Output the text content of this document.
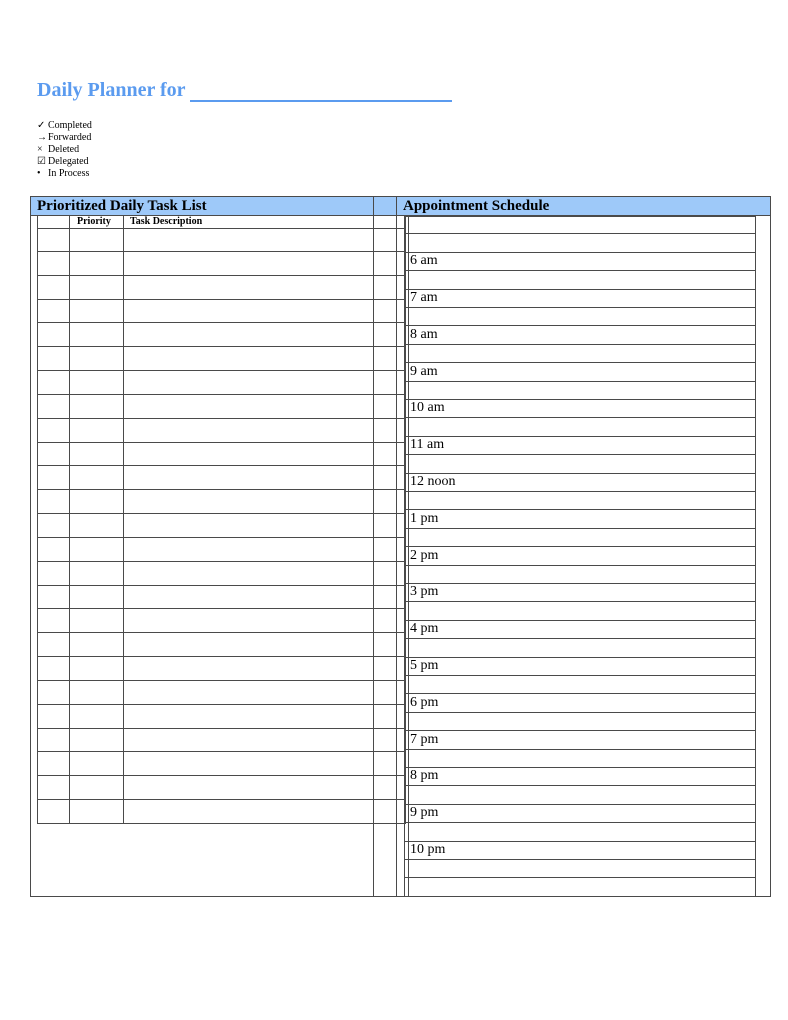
Daily Planner for
✓ Completed
→Forwarded
× Deleted
☑ Delegated
• In Process
Prioritized Daily Task List	Appointment Schedule
Priority Task Description
6 am
7 am
8 am
9 am
10 am
11 am
12 noon
1 pm
2 pm
3 pm
4 pm
5 pm
6 pm
7 pm
8 pm
9 pm
10 pm
